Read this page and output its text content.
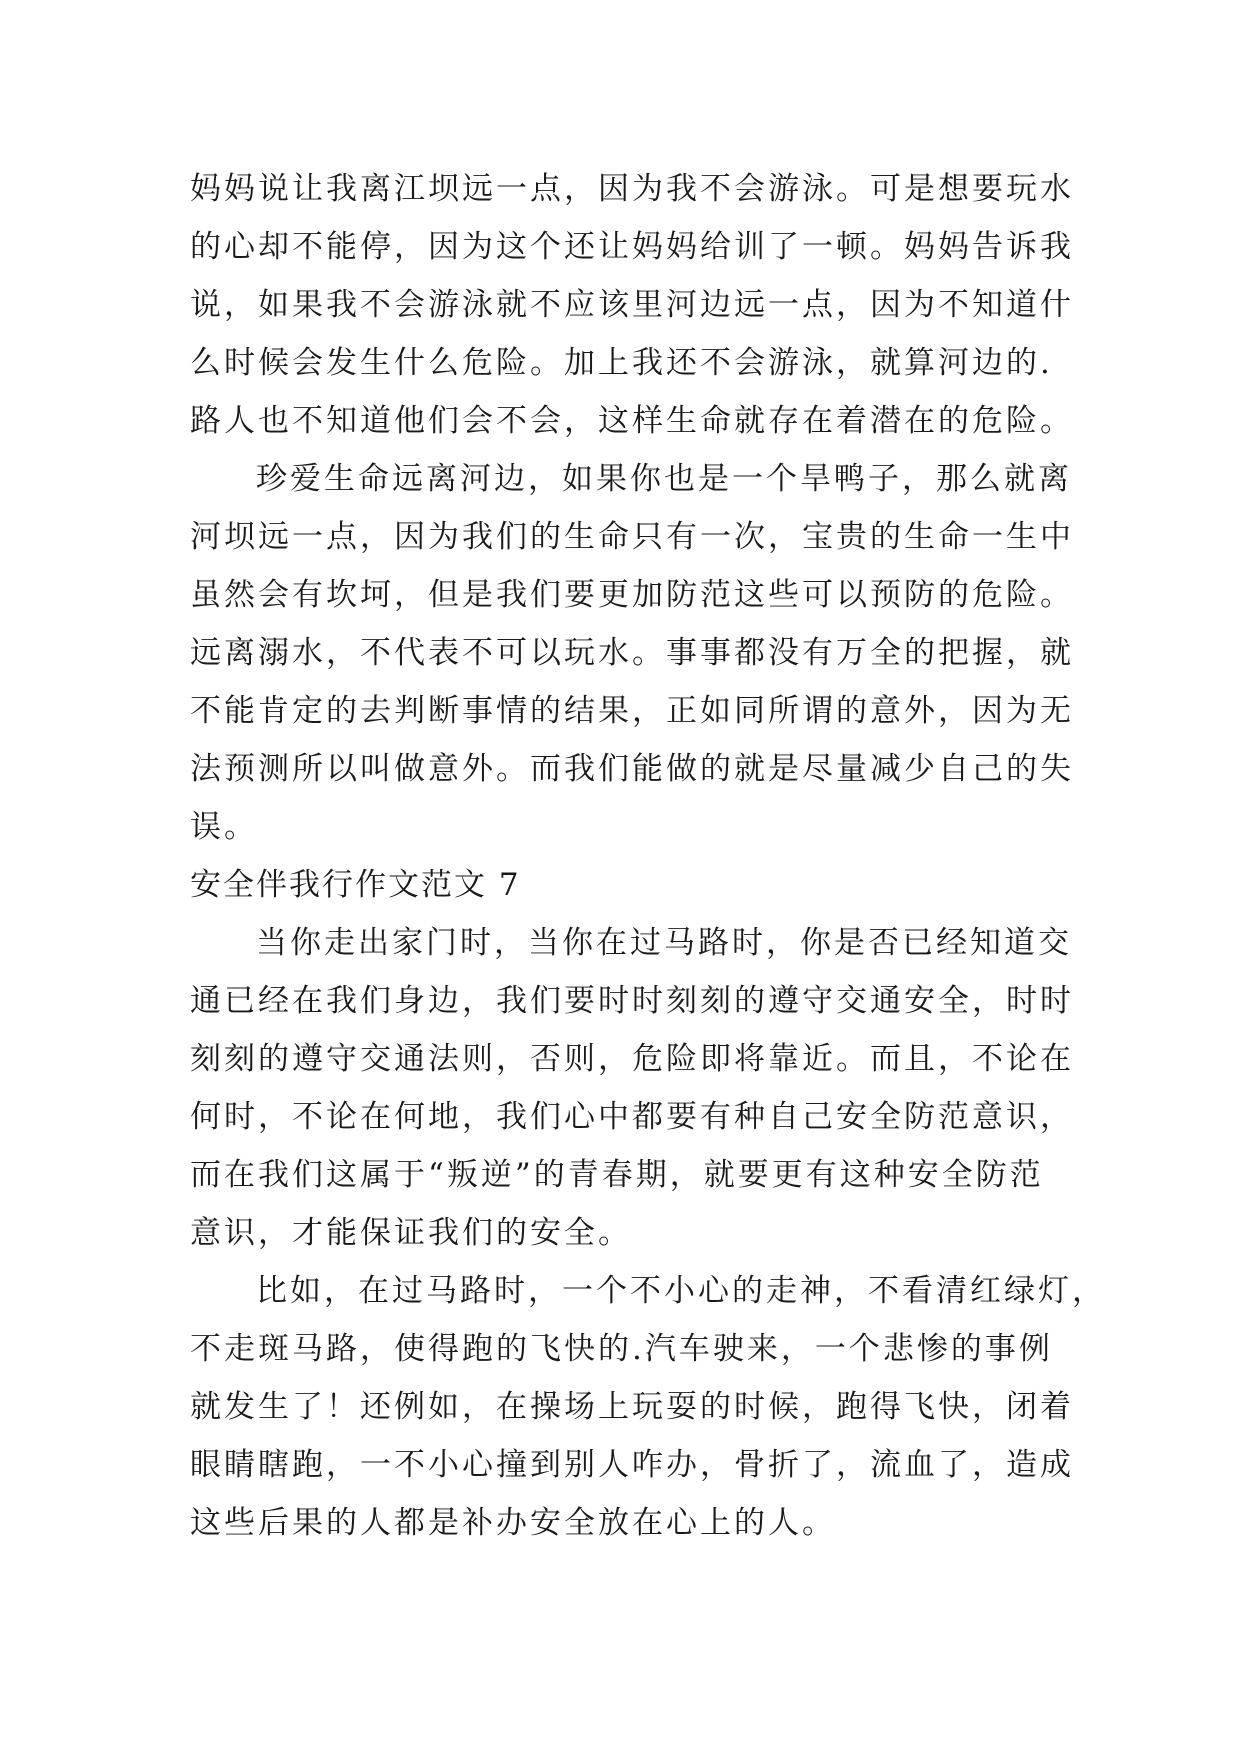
妈妈说让我离江坝远一点，因为我不会游泳。可是想要玩水
的心却不能停，因为这个还让妈妈给训了一顿。妈妈告诉我
说，如果我不会游泳就不应该里河边远一点，因为不知道什
么时候会发生什么危险。加上我还不会游泳，就算河边的.
路人也不知道他们会不会，这样生命就存在着潜在的危险。
珍爱生命远离河边，如果你也是一个旱鸭子，那么就离
河坝远一点，因为我们的生命只有一次，宝贵的生命一生中
虽然会有坎坷，但是我们要更加防范这些可以预防的危险。
远离溺水，不代表不可以玩水。事事都没有万全的把握，就
不能肯定的去判断事情的结果，正如同所谓的意外，因为无
法预测所以叫做意外。而我们能做的就是尽量减少自己的失
误。
安全伴我行作文范文 7
当你走出家门时，当你在过马路时，你是否已经知道交
通已经在我们身边，我们要时时刻刻的遵守交通安全，时时
刻刻的遵守交通法则，否则，危险即将靠近。而且，不论在
何时，不论在何地，我们心中都要有种自己安全防范意识，
而在我们这属于“叛逆”的青春期，就要更有这种安全防范
意识，才能保证我们的安全。
比如，在过马路时，一个不小心的走神，不看清红绿灯，
不走斑马路，使得跑的飞快的.汽车驶来，一个悲惨的事例
就发生了！还例如，在操场上玩耍的时候，跑得飞快，闭着
眼睛瞎跑，一不小心撞到别人咋办，骨折了，流血了，造成
这些后果的人都是补办安全放在心上的人。
